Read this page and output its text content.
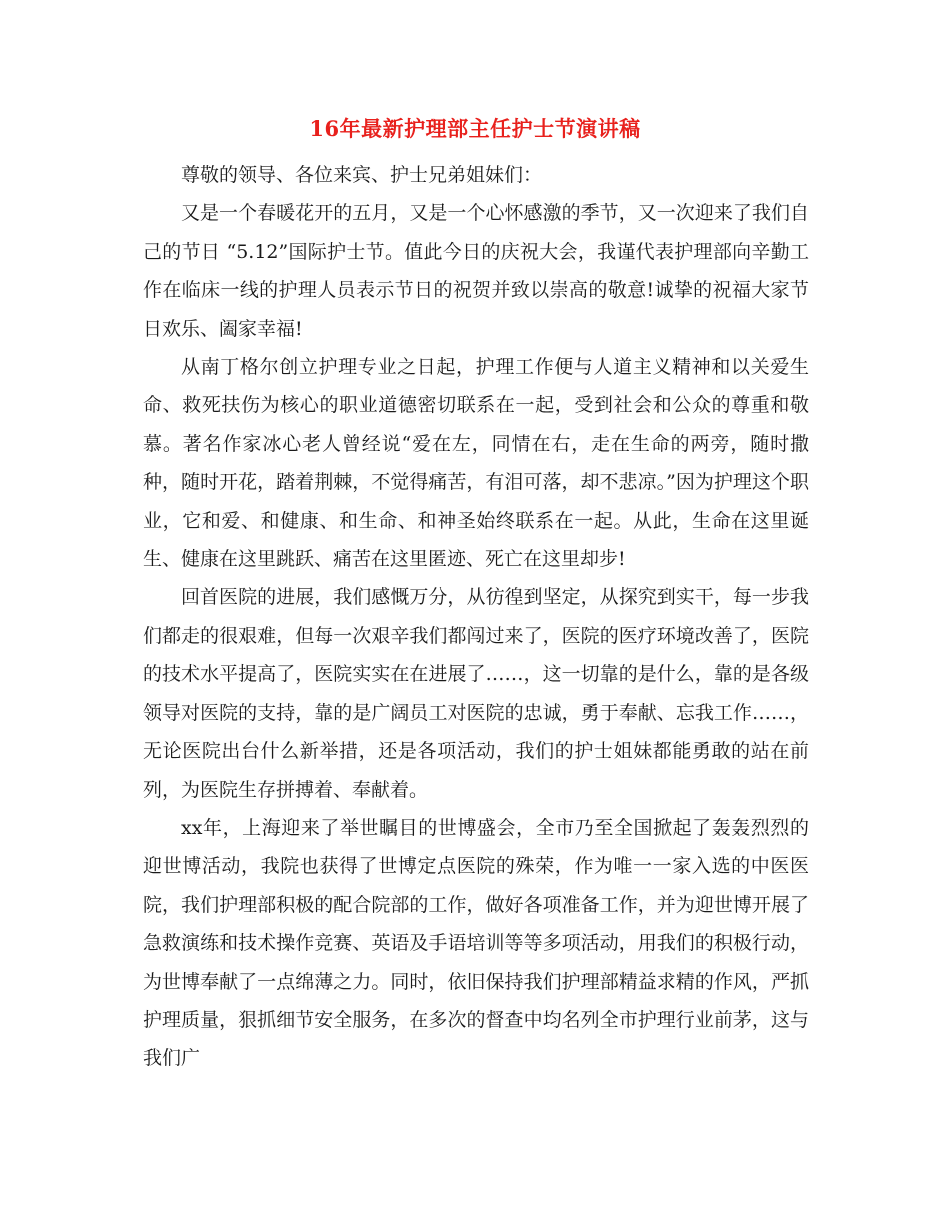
16年最新护理部主任护士节演讲稿

尊敬的领导、各位来宾、护士兄弟姐妹们：

又是一个春暖花开的五月，又是一个心怀感激的季节，又一次迎来了我们自己的节日 “5.12”国际护士节。值此今日的庆祝大会，我谨代表护理部向辛勤工作在临床一线的护理人员表示节日的祝贺并致以崇高的敬意!诚挚的祝福大家节日欢乐、阖家幸福!

从南丁格尔创立护理专业之日起，护理工作便与人道主义精神和以关爱生命、救死扶伤为核心的职业道德密切联系在一起，受到社会和公众的尊重和敬慕。著名作家冰心老人曾经说“爱在左，同情在右，走在生命的两旁，随时撒种，随时开花，踏着荆棘，不觉得痛苦，有泪可落，却不悲凉。”因为护理这个职业，它和爱、和健康、和生命、和神圣始终联系在一起。从此，生命在这里诞生、健康在这里跳跃、痛苦在这里匿迹、死亡在这里却步!

回首医院的进展，我们感慨万分，从彷徨到坚定，从探究到实干，每一步我们都走的很艰难，但每一次艰辛我们都闯过来了，医院的医疗环境改善了，医院的技术水平提高了，医院实实在在进展了……，这一切靠的是什么，靠的是各级领导对医院的支持，靠的是广阔员工对医院的忠诚，勇于奉献、忘我工作……，无论医院出台什么新举措，还是各项活动，我们的护士姐妹都能勇敢的站在前列，为医院生存拼搏着、奉献着。

xx年，上海迎来了举世瞩目的世博盛会，全市乃至全国掀起了轰轰烈烈的迎世博活动，我院也获得了世博定点医院的殊荣，作为唯一一家入选的中医医院，我们护理部积极的配合院部的工作，做好各项准备工作，并为迎世博开展了急救演练和技术操作竞赛、英语及手语培训等等多项活动，用我们的积极行动，为世博奉献了一点绵薄之力。同时，依旧保持我们护理部精益求精的作风，严抓护理质量，狠抓细节安全服务，在多次的督查中均名列全市护理行业前茅，这与我们广
